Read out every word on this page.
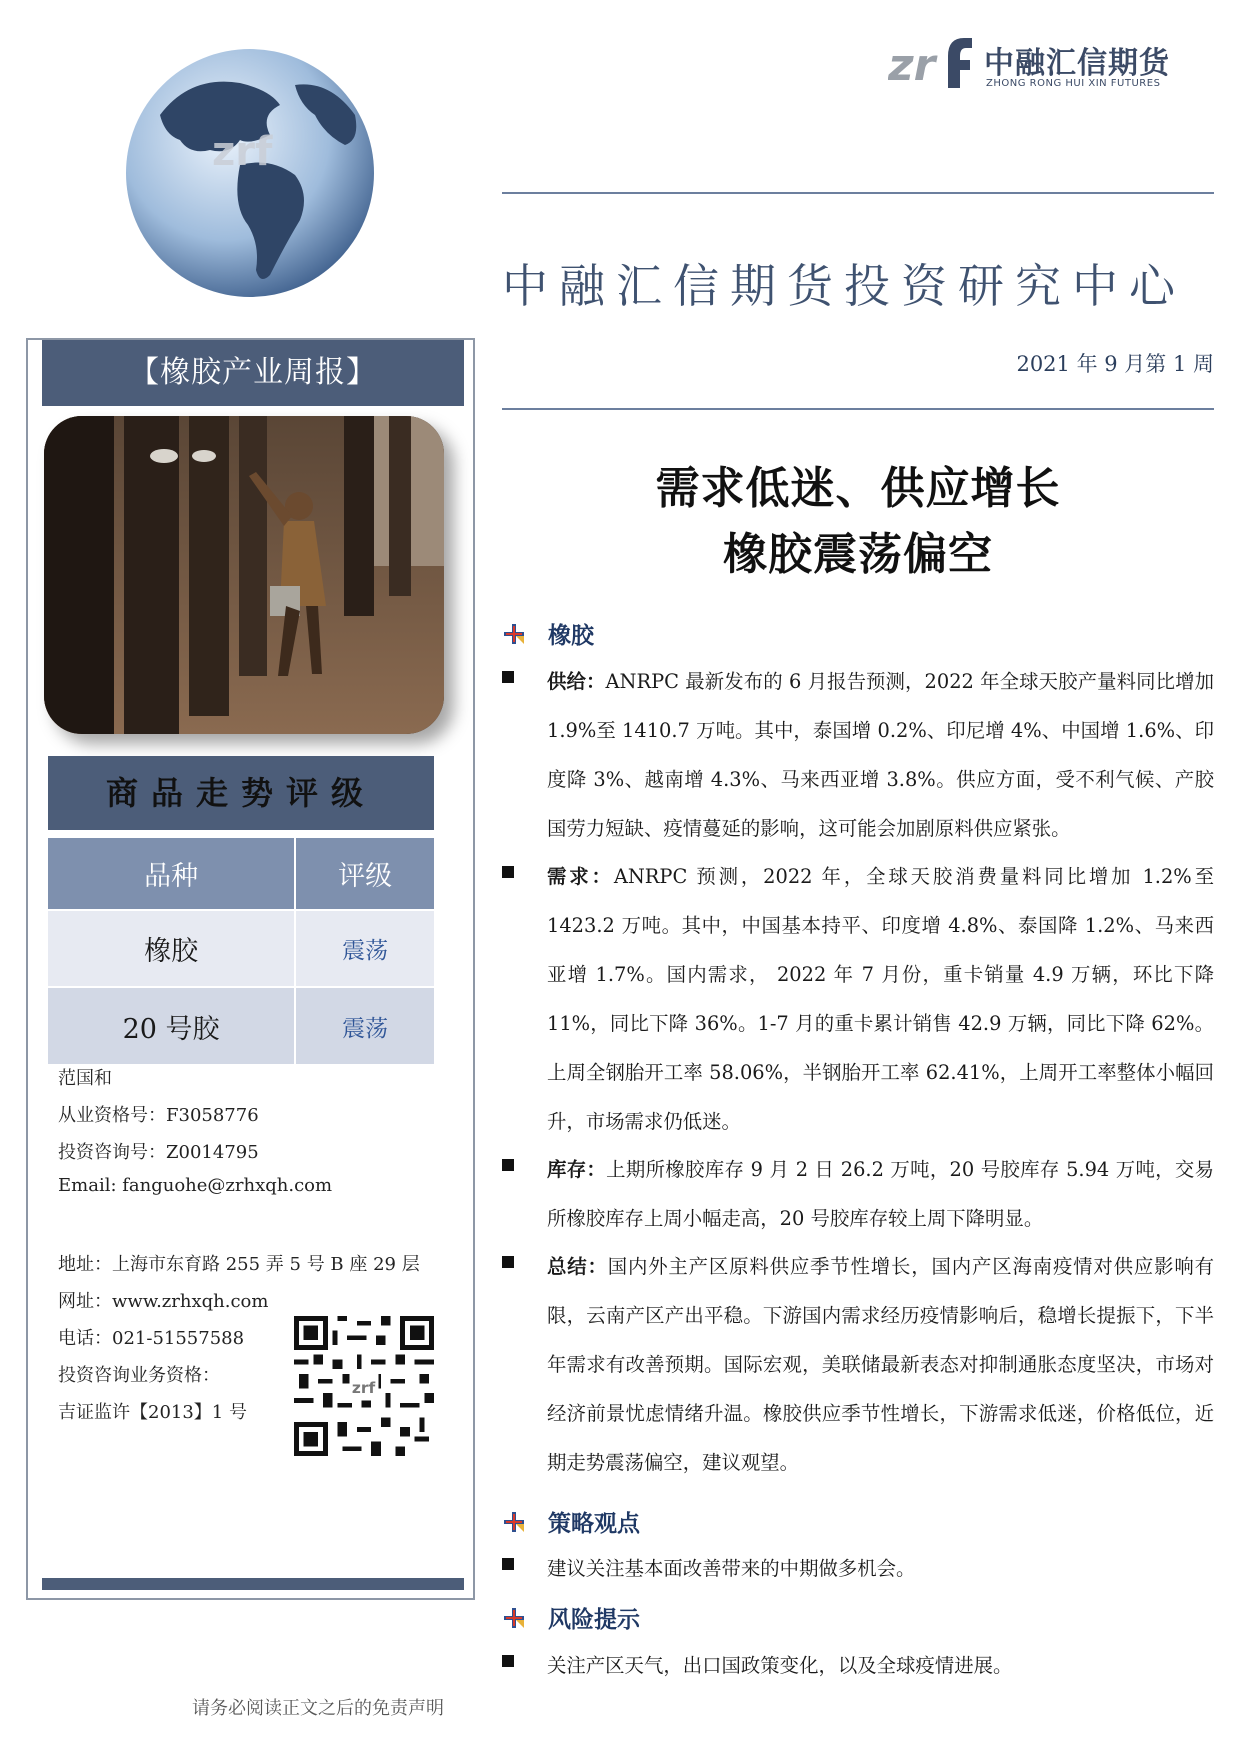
zr 中融汇信期货
ZHONG RONG HUI XIN FUTURES
zrf
中融汇信期货投资研究中心
2021 年 9 月第 1 周
需求低迷、供应增长
橡胶震荡偏空
【橡胶产业周报】
商品走势评级
品种	评级
橡胶	震荡
20 号胶	震荡
范国和
从业资格号：F3058776
投资咨询号：Z0014795
Email: fanguohe@zrhxqh.com
地址：上海市东育路 255 弄 5 号 B 座 29 层
网址：www.zrhxqh.com
电话：021-51557588
投资咨询业务资格：
吉证监许【2013】1 号
zrf
请务必阅读正文之后的免责声明
橡胶
供给：ANRPC 最新发布的 6 月报告预测，2022 年全球天胶产量料同比增加 1.9%至 1410.7 万吨。其中，泰国增 0.2%、印尼增 4%、中国增 1.6%、印度降 3%、越南增 4.3%、马来西亚增 3.8%。供应方面，受不利气候、产胶国劳力短缺、疫情蔓延的影响，这可能会加剧原料供应紧张。
需求：ANRPC 预测，2022 年，全球天胶消费量料同比增加 1.2%至 1423.2 万吨。其中，中国基本持平、印度增 4.8%、泰国降 1.2%、马来西亚增 1.7%。国内需求， 2022 年 7 月份，重卡销量 4.9 万辆，环比下降 11%，同比下降 36%。1-7 月的重卡累计销售 42.9 万辆，同比下降 62%。上周全钢胎开工率 58.06%，半钢胎开工率 62.41%，上周开工率整体小幅回升，市场需求仍低迷。
库存：上期所橡胶库存 9 月 2 日 26.2 万吨，20 号胶库存 5.94 万吨，交易所橡胶库存上周小幅走高，20 号胶库存较上周下降明显。
总结：国内外主产区原料供应季节性增长，国内产区海南疫情对供应影响有限，云南产区产出平稳。下游国内需求经历疫情影响后，稳增长提振下，下半年需求有改善预期。国际宏观，美联储最新表态对抑制通胀态度坚决，市场对经济前景忧虑情绪升温。橡胶供应季节性增长，下游需求低迷，价格低位，近期走势震荡偏空，建议观望。
策略观点
建议关注基本面改善带来的中期做多机会。
风险提示
关注产区天气，出口国政策变化，以及全球疫情进展。
